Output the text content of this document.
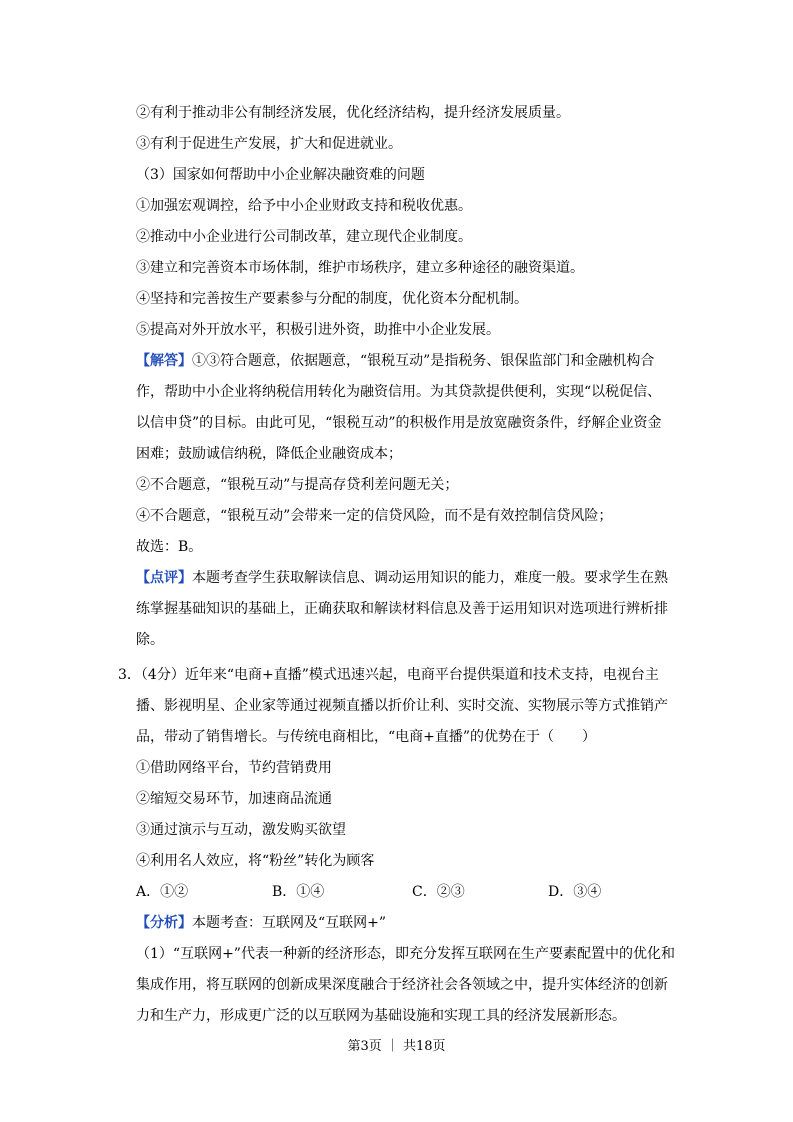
②有利于推动非公有制经济发展，优化经济结构，提升经济发展质量。
③有利于促进生产发展，扩大和促进就业。
（3）国家如何帮助中小企业解决融资难的问题
①加强宏观调控，给予中小企业财政支持和税收优惠。
②推动中小企业进行公司制改革，建立现代企业制度。
③建立和完善资本市场体制，维护市场秩序，建立多种途径的融资渠道。
④坚持和完善按生产要素参与分配的制度，优化资本分配机制。
⑤提高对外开放水平，积极引进外资，助推中小企业发展。
【解答】①③符合题意，依据题意，“银税互动”是指税务、银保监部门和金融机构合
作，帮助中小企业将纳税信用转化为融资信用。为其贷款提供便利，实现“以税促信、
以信申贷”的目标。由此可见，“银税互动”的积极作用是放宽融资条件，纾解企业资金
困难；鼓励诚信纳税，降低企业融资成本；
②不合题意，“银税互动”与提高存贷利差问题无关；
④不合题意，“银税互动”会带来一定的信贷风险，而不是有效控制信贷风险；
故选：B。
【点评】本题考查学生获取解读信息、调动运用知识的能力，难度一般。要求学生在熟
练掌握基础知识的基础上，正确获取和解读材料信息及善于运用知识对选项进行辨析排
除。
3．（4分）近年来“电商+直播”模式迅速兴起，电商平台提供渠道和技术支持，电视台主
播、影视明星、企业家等通过视频直播以折价让利、实时交流、实物展示等方式推销产
品，带动了销售增长。与传统电商相比，“电商+直播”的优势在于（　　）
①借助网络平台，节约营销费用
②缩短交易环节，加速商品流通
③通过演示与互动，激发购买欲望
④利用名人效应，将“粉丝”转化为顾客
A．①②	B．①④	C．②③	D．③④
【分析】本题考查：互联网及“互联网+”
（1）“互联网+”代表一种新的经济形态，即充分发挥互联网在生产要素配置中的优化和
集成作用，将互联网的创新成果深度融合于经济社会各领域之中，提升实体经济的创新
力和生产力，形成更广泛的以互联网为基础设施和实现工具的经济发展新形态。
第3页 ｜ 共18页
